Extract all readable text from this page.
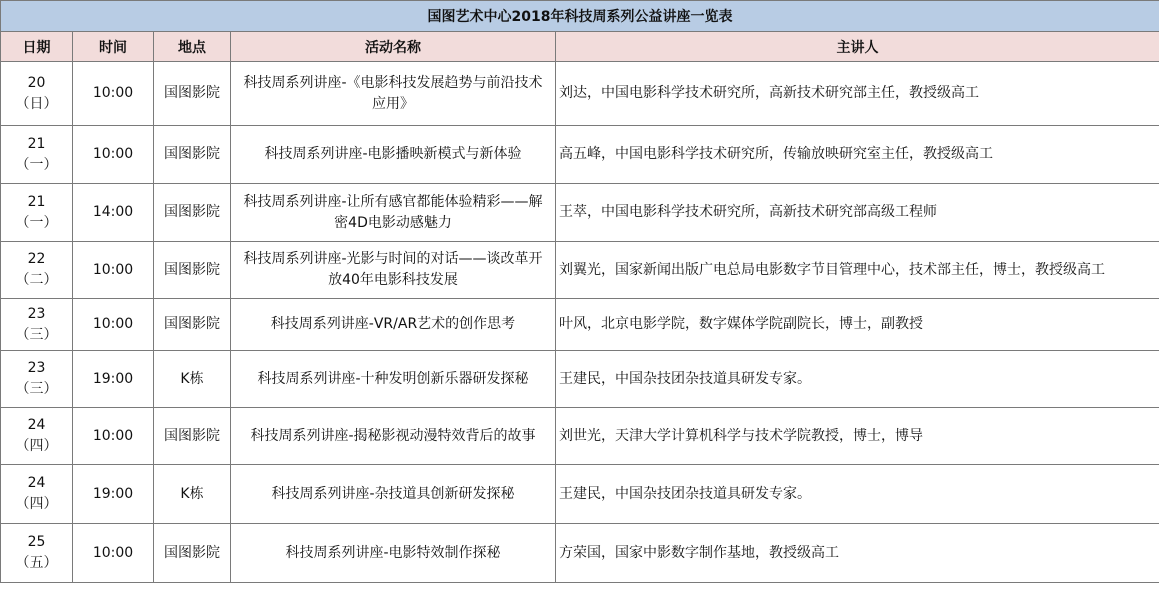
国图艺术中心2018年科技周系列公益讲座一览表				
日期	时间	地点	活动名称	主讲人

20
（日）	10:00	国图影院	科技周系列讲座-《电影科技发展趋势与前沿技术应用》	刘达，中国电影科学技术研究所，高新技术研究部主任，教授级高工

21
（一）	10:00	国图影院	科技周系列讲座-电影播映新模式与新体验	高五峰，中国电影科学技术研究所，传输放映研究室主任，教授级高工

21
（一）	14:00	国图影院	科技周系列讲座-让所有感官都能体验精彩——解密4D电影动感魅力	王萃，中国电影科学技术研究所，高新技术研究部高级工程师

22
（二）	10:00	国图影院	科技周系列讲座-光影与时间的对话——谈改革开放40年电影科技发展	刘翼光，国家新闻出版广电总局电影数字节目管理中心，技术部主任，博士，教授级高工

23
（三）	10:00	国图影院	科技周系列讲座-VR/AR艺术的创作思考	叶风，北京电影学院，数字媒体学院副院长，博士，副教授

23
（三）	19:00	K栋	科技周系列讲座-十种发明创新乐器研发探秘	王建民，中国杂技团杂技道具研发专家。

24
（四）	10:00	国图影院	科技周系列讲座-揭秘影视动漫特效背后的故事	刘世光，天津大学计算机科学与技术学院教授，博士，博导

24
（四）	19:00	K栋	科技周系列讲座-杂技道具创新研发探秘	王建民，中国杂技团杂技道具研发专家。

25
（五）	10:00	国图影院	科技周系列讲座-电影特效制作探秘	方荣国，国家中影数字制作基地，教授级高工
